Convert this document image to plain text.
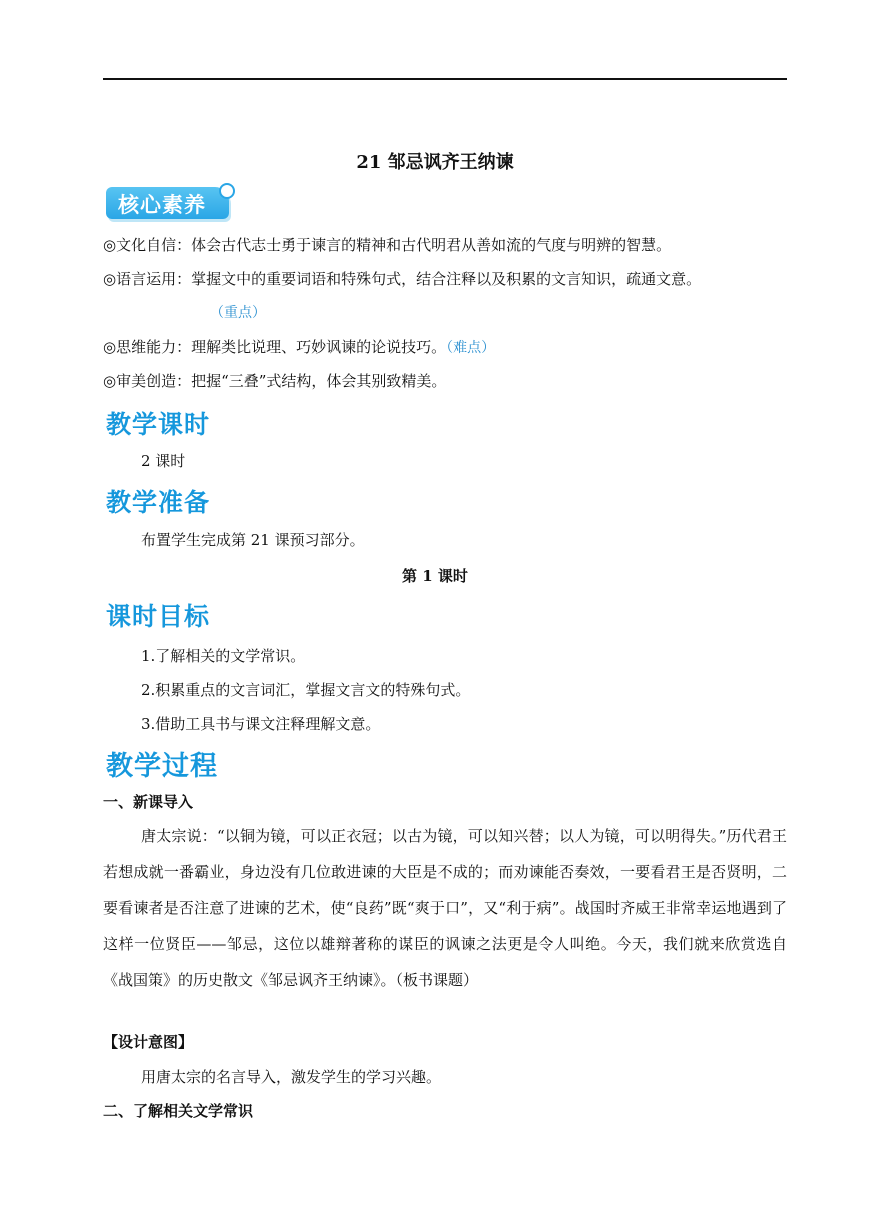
21 邹忌讽齐王纳谏
核心素养
◎文化自信：体会古代志士勇于谏言的精神和古代明君从善如流的气度与明辨的智慧。
◎语言运用：掌握文中的重要词语和特殊句式，结合注释以及积累的文言知识，疏通文意。
（重点）
◎思维能力：理解类比说理、巧妙讽谏的论说技巧。（难点）
◎审美创造：把握“三叠”式结构，体会其别致精美。
教学课时
2 课时
教学准备
布置学生完成第 21 课预习部分。
第 1 课时
课时目标
1.了解相关的文学常识。
2.积累重点的文言词汇，掌握文言文的特殊句式。
3.借助工具书与课文注释理解文意。
教学过程
一、新课导入
唐太宗说：“以铜为镜，可以正衣冠；以古为镜，可以知兴替；以人为镜，可以明得失。”历代君王若想成就一番霸业，身边没有几位敢进谏的大臣是不成的；而劝谏能否奏效，一要看君王是否贤明，二要看谏者是否注意了进谏的艺术，使“良药”既“爽于口”，又“利于病”。战国时齐威王非常幸运地遇到了这样一位贤臣——邹忌，这位以雄辩著称的谋臣的讽谏之法更是令人叫绝。今天，我们就来欣赏选自《战国策》的历史散文《邹忌讽齐王纳谏》。（板书课题）
【设计意图】
用唐太宗的名言导入，激发学生的学习兴趣。
二、了解相关文学常识
